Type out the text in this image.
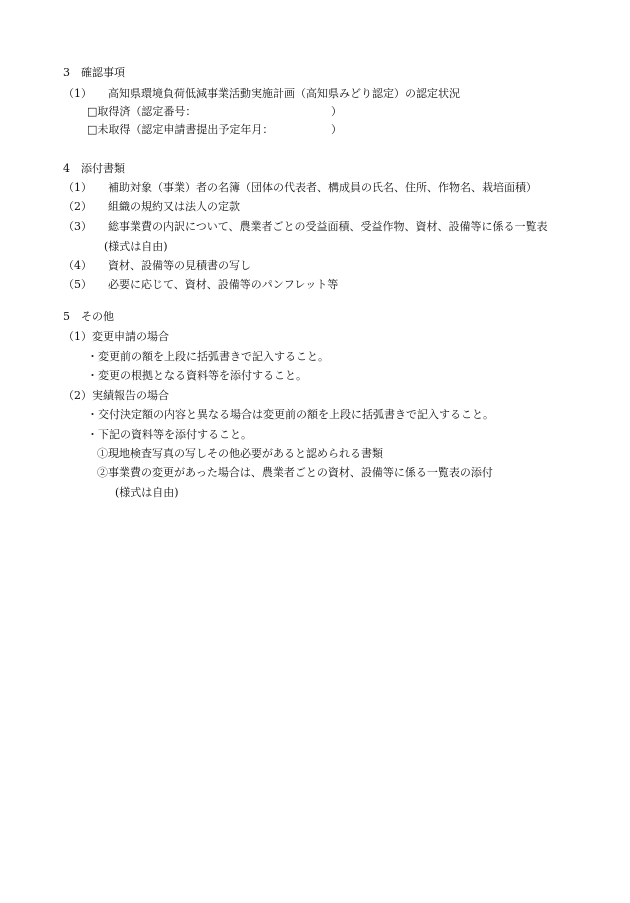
3　確認事項
（1） 高知県環境負荷低減事業活動実施計画（高知県みどり認定）の認定状況
□取得済（認定番号：	）
□未取得（認定申請書提出予定年月：	）
4　添付書類
（1） 補助対象（事業）者の名簿（団体の代表者、構成員の氏名、住所、作物名、栽培面積）
（2） 組織の規約又は法人の定款
（3） 総事業費の内訳について、農業者ごとの受益面積、受益作物、資材、設備等に係る一覧表
(様式は自由)
（4） 資材、設備等の見積書の写し
（5） 必要に応じて、資材、設備等のパンフレット等
5　その他
（1）変更申請の場合
・変更前の額を上段に括弧書きで記入すること。
・変更の根拠となる資料等を添付すること。
（2）実績報告の場合
・交付決定額の内容と異なる場合は変更前の額を上段に括弧書きで記入すること。
・下記の資料等を添付すること。
①現地検査写真の写しその他必要があると認められる書類
②事業費の変更があった場合は、農業者ごとの資材、設備等に係る一覧表の添付
(様式は自由)
